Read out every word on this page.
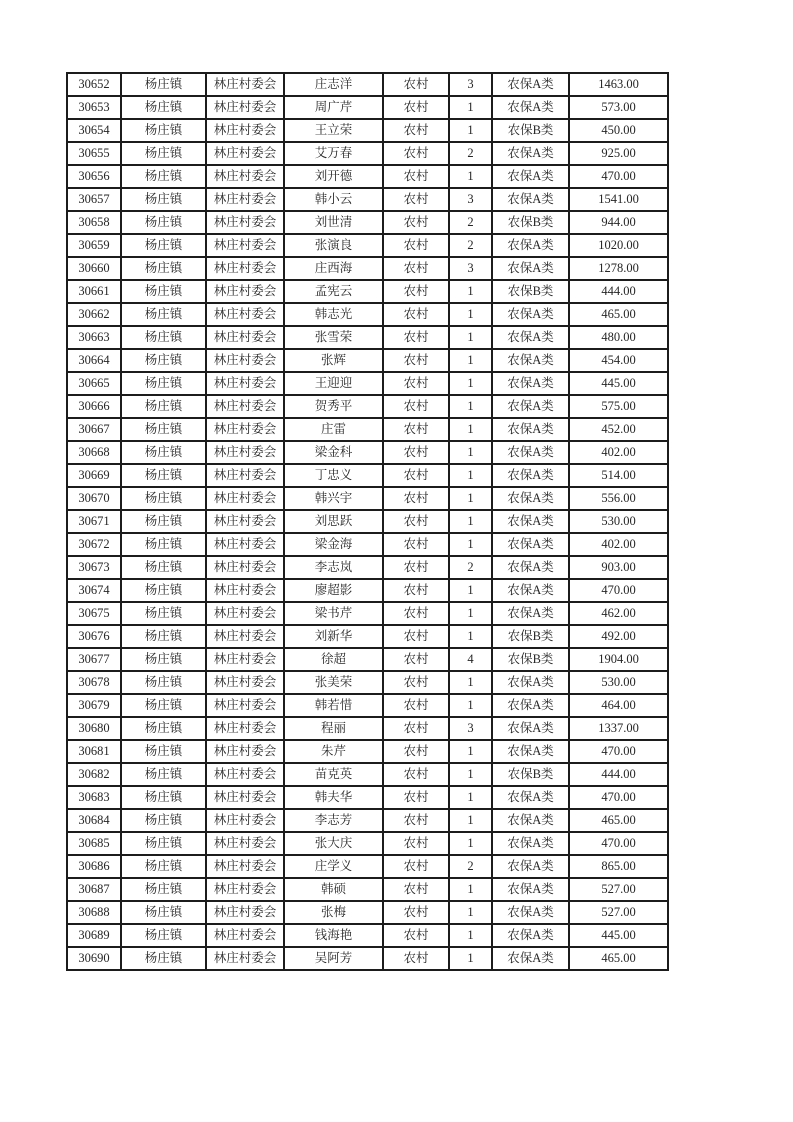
30652	杨庄镇	林庄村委会	庄志洋	农村	3	农保A类	1463.00
30653	杨庄镇	林庄村委会	周广芹	农村	1	农保A类	573.00
30654	杨庄镇	林庄村委会	王立荣	农村	1	农保B类	450.00
30655	杨庄镇	林庄村委会	艾万春	农村	2	农保A类	925.00
30656	杨庄镇	林庄村委会	刘开德	农村	1	农保A类	470.00
30657	杨庄镇	林庄村委会	韩小云	农村	3	农保A类	1541.00
30658	杨庄镇	林庄村委会	刘世清	农村	2	农保B类	944.00
30659	杨庄镇	林庄村委会	张演良	农村	2	农保A类	1020.00
30660	杨庄镇	林庄村委会	庄西海	农村	3	农保A类	1278.00
30661	杨庄镇	林庄村委会	孟宪云	农村	1	农保B类	444.00
30662	杨庄镇	林庄村委会	韩志光	农村	1	农保A类	465.00
30663	杨庄镇	林庄村委会	张雪荣	农村	1	农保A类	480.00
30664	杨庄镇	林庄村委会	张辉	农村	1	农保A类	454.00
30665	杨庄镇	林庄村委会	王迎迎	农村	1	农保A类	445.00
30666	杨庄镇	林庄村委会	贺秀平	农村	1	农保A类	575.00
30667	杨庄镇	林庄村委会	庄雷	农村	1	农保A类	452.00
30668	杨庄镇	林庄村委会	梁金科	农村	1	农保A类	402.00
30669	杨庄镇	林庄村委会	丁忠义	农村	1	农保A类	514.00
30670	杨庄镇	林庄村委会	韩兴宇	农村	1	农保A类	556.00
30671	杨庄镇	林庄村委会	刘思跃	农村	1	农保A类	530.00
30672	杨庄镇	林庄村委会	梁金海	农村	1	农保A类	402.00
30673	杨庄镇	林庄村委会	李志岚	农村	2	农保A类	903.00
30674	杨庄镇	林庄村委会	廖超影	农村	1	农保A类	470.00
30675	杨庄镇	林庄村委会	梁书芹	农村	1	农保A类	462.00
30676	杨庄镇	林庄村委会	刘新华	农村	1	农保B类	492.00
30677	杨庄镇	林庄村委会	徐超	农村	4	农保B类	1904.00
30678	杨庄镇	林庄村委会	张美荣	农村	1	农保A类	530.00
30679	杨庄镇	林庄村委会	韩若惜	农村	1	农保A类	464.00
30680	杨庄镇	林庄村委会	程丽	农村	3	农保A类	1337.00
30681	杨庄镇	林庄村委会	朱芹	农村	1	农保A类	470.00
30682	杨庄镇	林庄村委会	苗克英	农村	1	农保B类	444.00
30683	杨庄镇	林庄村委会	韩夫华	农村	1	农保A类	470.00
30684	杨庄镇	林庄村委会	李志芳	农村	1	农保A类	465.00
30685	杨庄镇	林庄村委会	张大庆	农村	1	农保A类	470.00
30686	杨庄镇	林庄村委会	庄学义	农村	2	农保A类	865.00
30687	杨庄镇	林庄村委会	韩硕	农村	1	农保A类	527.00
30688	杨庄镇	林庄村委会	张梅	农村	1	农保A类	527.00
30689	杨庄镇	林庄村委会	钱海艳	农村	1	农保A类	445.00
30690	杨庄镇	林庄村委会	吴阿芳	农村	1	农保A类	465.00
